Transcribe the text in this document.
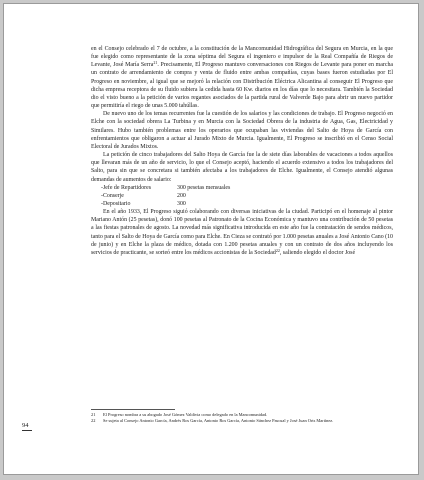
en el Consejo celebrado el 7 de octubre, a la constitución de la Mancomunidad Hidrográfica del Segura en Murcia, en la que fue elegido como representante de la zona séptima del Segura el ingeniero e impulsor de la Real Compañía de Riegos de Levante, José María Serra$^{21}$. Precisamente, El Progreso mantuvo conversaciones con Riegos de Levante para poner en marcha un contrato de arrendamiento de compra y venta de fluido entre ambas compañías, cuyas bases fueron estudiadas por El Progreso en noviembre, al igual que se mejoró la relación con Distribución Eléctrica Alicantina al conseguir El Progreso que dicha empresa receptora de su fluido subiera la cedida hasta 60 Kw. diarios en los días que lo necesitara. También la Sociedad dio el visto bueno a la petición de varios regantes asociados de la partida rural de Valverde Bajo para abrir un nuevo partidor que permitiría el riego de unas 5.000 tahúllas.

De nuevo uno de los temas recurrentes fue la cuestión de los salarios y las condiciones de trabajo. El Progreso negoció en Elche con la sociedad obrera La Turbina y en Murcia con la Sociedad Obrera de la industria de Agua, Gas, Electricidad y Similares. Hubo también problemas entre los operarios que ocupaban las viviendas del Salto de Hoya de García con enfrentamientos que obligaron a actuar al Jurado Mixto de Murcia. Igualmente, El Progreso se inscribió en el Censo Social Electoral de Jurados Mixtos.

La petición de cinco trabajadores del Salto Hoya de García fue la de siete días laborables de vacaciones a todos aquellos que llevaran más de un año de servicio, lo que el Consejo aceptó, haciendo el acuerdo extensivo a todos los trabajadores del Salto, para sin que se concretara si también afectaba a los trabajadores de Elche. Igualmente, el Consejo atendió algunas demandas de aumentos de salario:

-Jefe de Repartidores	300 pesetas mensuales
-Conserje	200
-Depositario	300

En el año 1933, El Progreso siguió colaborando con diversas iniciativas de la ciudad. Participó en el homenaje al pintor Mariano Antón (25 pesetas), donó 100 pesetas al Patronato de la Cocina Económica y mantuvo una contribución de 50 pesetas a las fiestas patronales de agosto. La novedad más significativa introducida en este año fue la contratación de sendos médicos, tanto para el Salto de Hoya de García como para Elche. En Cieza se contrató por 1.000 pesetas anuales a José Antonio Cano (10 de junio) y en Elche la plaza de médico, dotada con 1.200 pesetas anuales y con un contrato de dos años incluyendo los servicios de practicante, se sorteó entre los médicos accionistas de la Sociedad$^{22}$, saliendo elegido el doctor José

21	El Progreso nombra a su abogado José Gómez Valdivia como delegado en la Mancomunidad.
22	Se sujeta al Consejo Antonio García, Andrés Ros García, Antonio Ros García, Antonio Sánchez Pascual y José Juan Orts Martínez.
94
